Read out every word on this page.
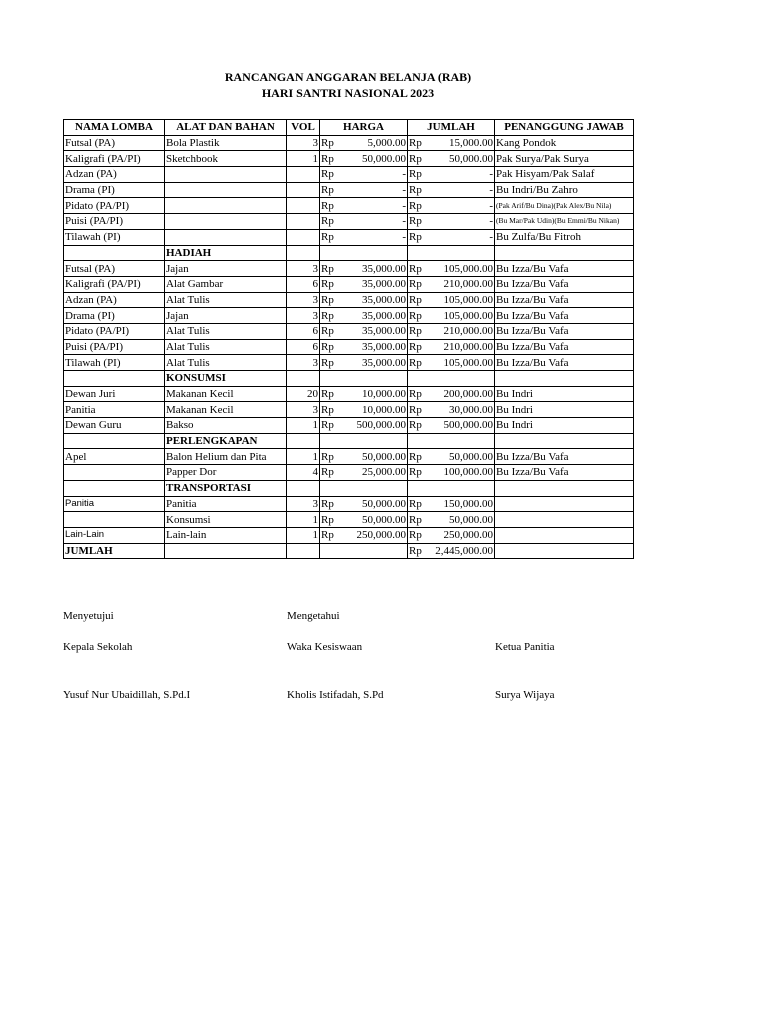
RANCANGAN ANGGARAN BELANJA (RAB)
HARI SANTRI NASIONAL 2023
NAMA LOMBA	ALAT DAN BAHAN	VOL	HARGA		JUMLAH		PENANGGUNG JAWAB
Futsal (PA)	Bola Plastik	3	Rp	5,000.00	Rp	15,000.00	Kang Pondok
Kaligrafi (PA/PI)	Sketchbook	1	Rp	50,000.00	Rp	50,000.00	Pak Surya/Pak Surya
Adzan (PA)			Rp	-	Rp	-	Pak Hisyam/Pak Salaf
Drama (PI)			Rp	-	Rp	-	Bu Indri/Bu Zahro
Pidato (PA/PI)			Rp	-	Rp	-	(Pak Arif/Bu Dina)(Pak Alex/Bu Nila)
Puisi (PA/PI)			Rp	-	Rp	-	(Bu Mar/Pak Udin)(Bu Emmi/Bu Nikan)
Tilawah (PI)			Rp	-	Rp	-	Bu Zulfa/Bu Fitroh
	HADIAH						
Futsal (PA)	Jajan	3	Rp	35,000.00	Rp	105,000.00	Bu Izza/Bu Vafa
Kaligrafi (PA/PI)	Alat Gambar	6	Rp	35,000.00	Rp	210,000.00	Bu Izza/Bu Vafa
Adzan (PA)	Alat Tulis	3	Rp	35,000.00	Rp	105,000.00	Bu Izza/Bu Vafa
Drama (PI)	Jajan	3	Rp	35,000.00	Rp	105,000.00	Bu Izza/Bu Vafa
Pidato (PA/PI)	Alat Tulis	6	Rp	35,000.00	Rp	210,000.00	Bu Izza/Bu Vafa
Puisi (PA/PI)	Alat Tulis	6	Rp	35,000.00	Rp	210,000.00	Bu Izza/Bu Vafa
Tilawah (PI)	Alat Tulis	3	Rp	35,000.00	Rp	105,000.00	Bu Izza/Bu Vafa
	KONSUMSI						
Dewan Juri	Makanan Kecil	20	Rp	10,000.00	Rp	200,000.00	Bu Indri
Panitia	Makanan Kecil	3	Rp	10,000.00	Rp	30,000.00	Bu Indri
Dewan Guru	Bakso	1	Rp	500,000.00	Rp	500,000.00	Bu Indri
	PERLENGKAPAN						
Apel	Balon Helium dan Pita	1	Rp	50,000.00	Rp	50,000.00	Bu Izza/Bu Vafa
	Papper Dor	4	Rp	25,000.00	Rp	100,000.00	Bu Izza/Bu Vafa
	TRANSPORTASI						
Panitia	Panitia	3	Rp	50,000.00	Rp	150,000.00	
	Konsumsi	1	Rp	50,000.00	Rp	50,000.00	
Lain-Lain	Lain-lain	1	Rp	250,000.00	Rp	250,000.00	
JUMLAH					Rp	2,445,000.00	
Menyetujui	Mengetahui
Kepala Sekolah	Waka Kesiswaan	Ketua Panitia
Yusuf Nur Ubaidillah, S.Pd.I	Kholis Istifadah, S.Pd	Surya Wijaya
